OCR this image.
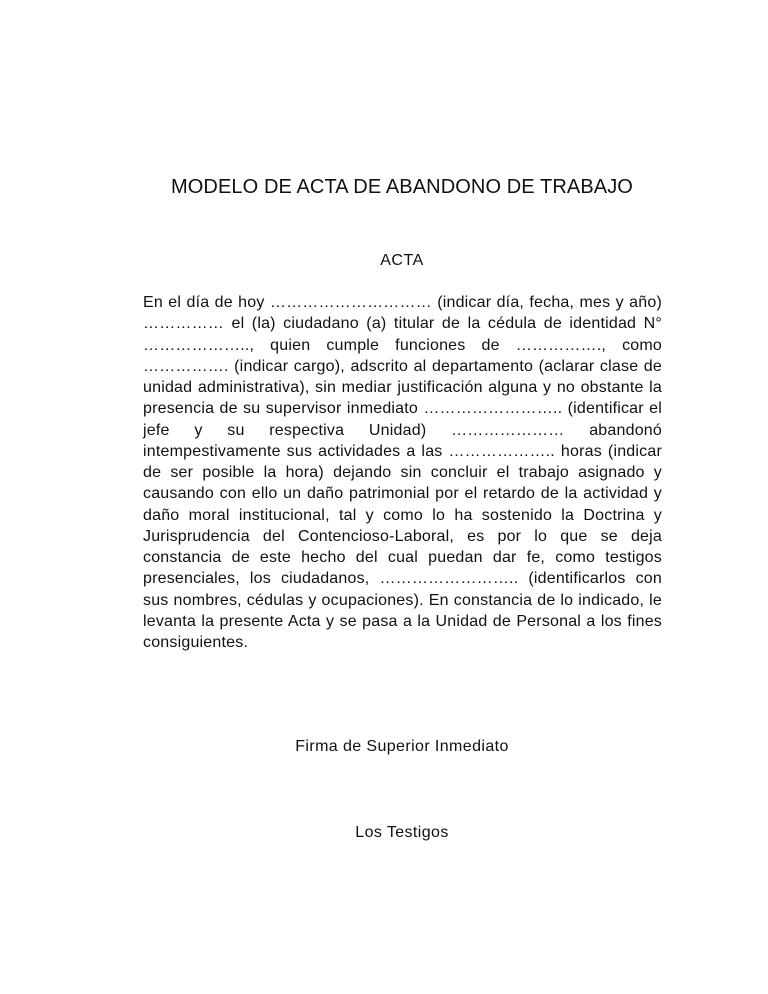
MODELO DE ACTA DE ABANDONO DE TRABAJO
ACTA

En el día de hoy ………………………… (indicar día, fecha, mes y año) …………… el (la) ciudadano (a) titular de la cédula de identidad N° ……………….., quien cumple funciones de ……………., como ……………. (indicar cargo), adscrito al departamento (aclarar clase de unidad administrativa), sin mediar justificación alguna y no obstante la presencia de su supervisor inmediato …………………….. (identificar el jefe y su respectiva Unidad) ………………… abandonó intempestivamente sus actividades a las ……………….. horas (indicar de ser posible la hora) dejando sin concluir el trabajo asignado y causando con ello un daño patrimonial por el retardo de la actividad y daño moral institucional, tal y como lo ha sostenido la Doctrina y Jurisprudencia del Contencioso-Laboral, es por lo que se deja constancia de este hecho del cual puedan dar fe, como testigos presenciales, los ciudadanos, …………………….. (identificarlos con sus nombres, cédulas y ocupaciones). En constancia de lo indicado, le levanta la presente Acta y se pasa a la Unidad de Personal a los fines consiguientes.

Firma de Superior Inmediato
Los Testigos
